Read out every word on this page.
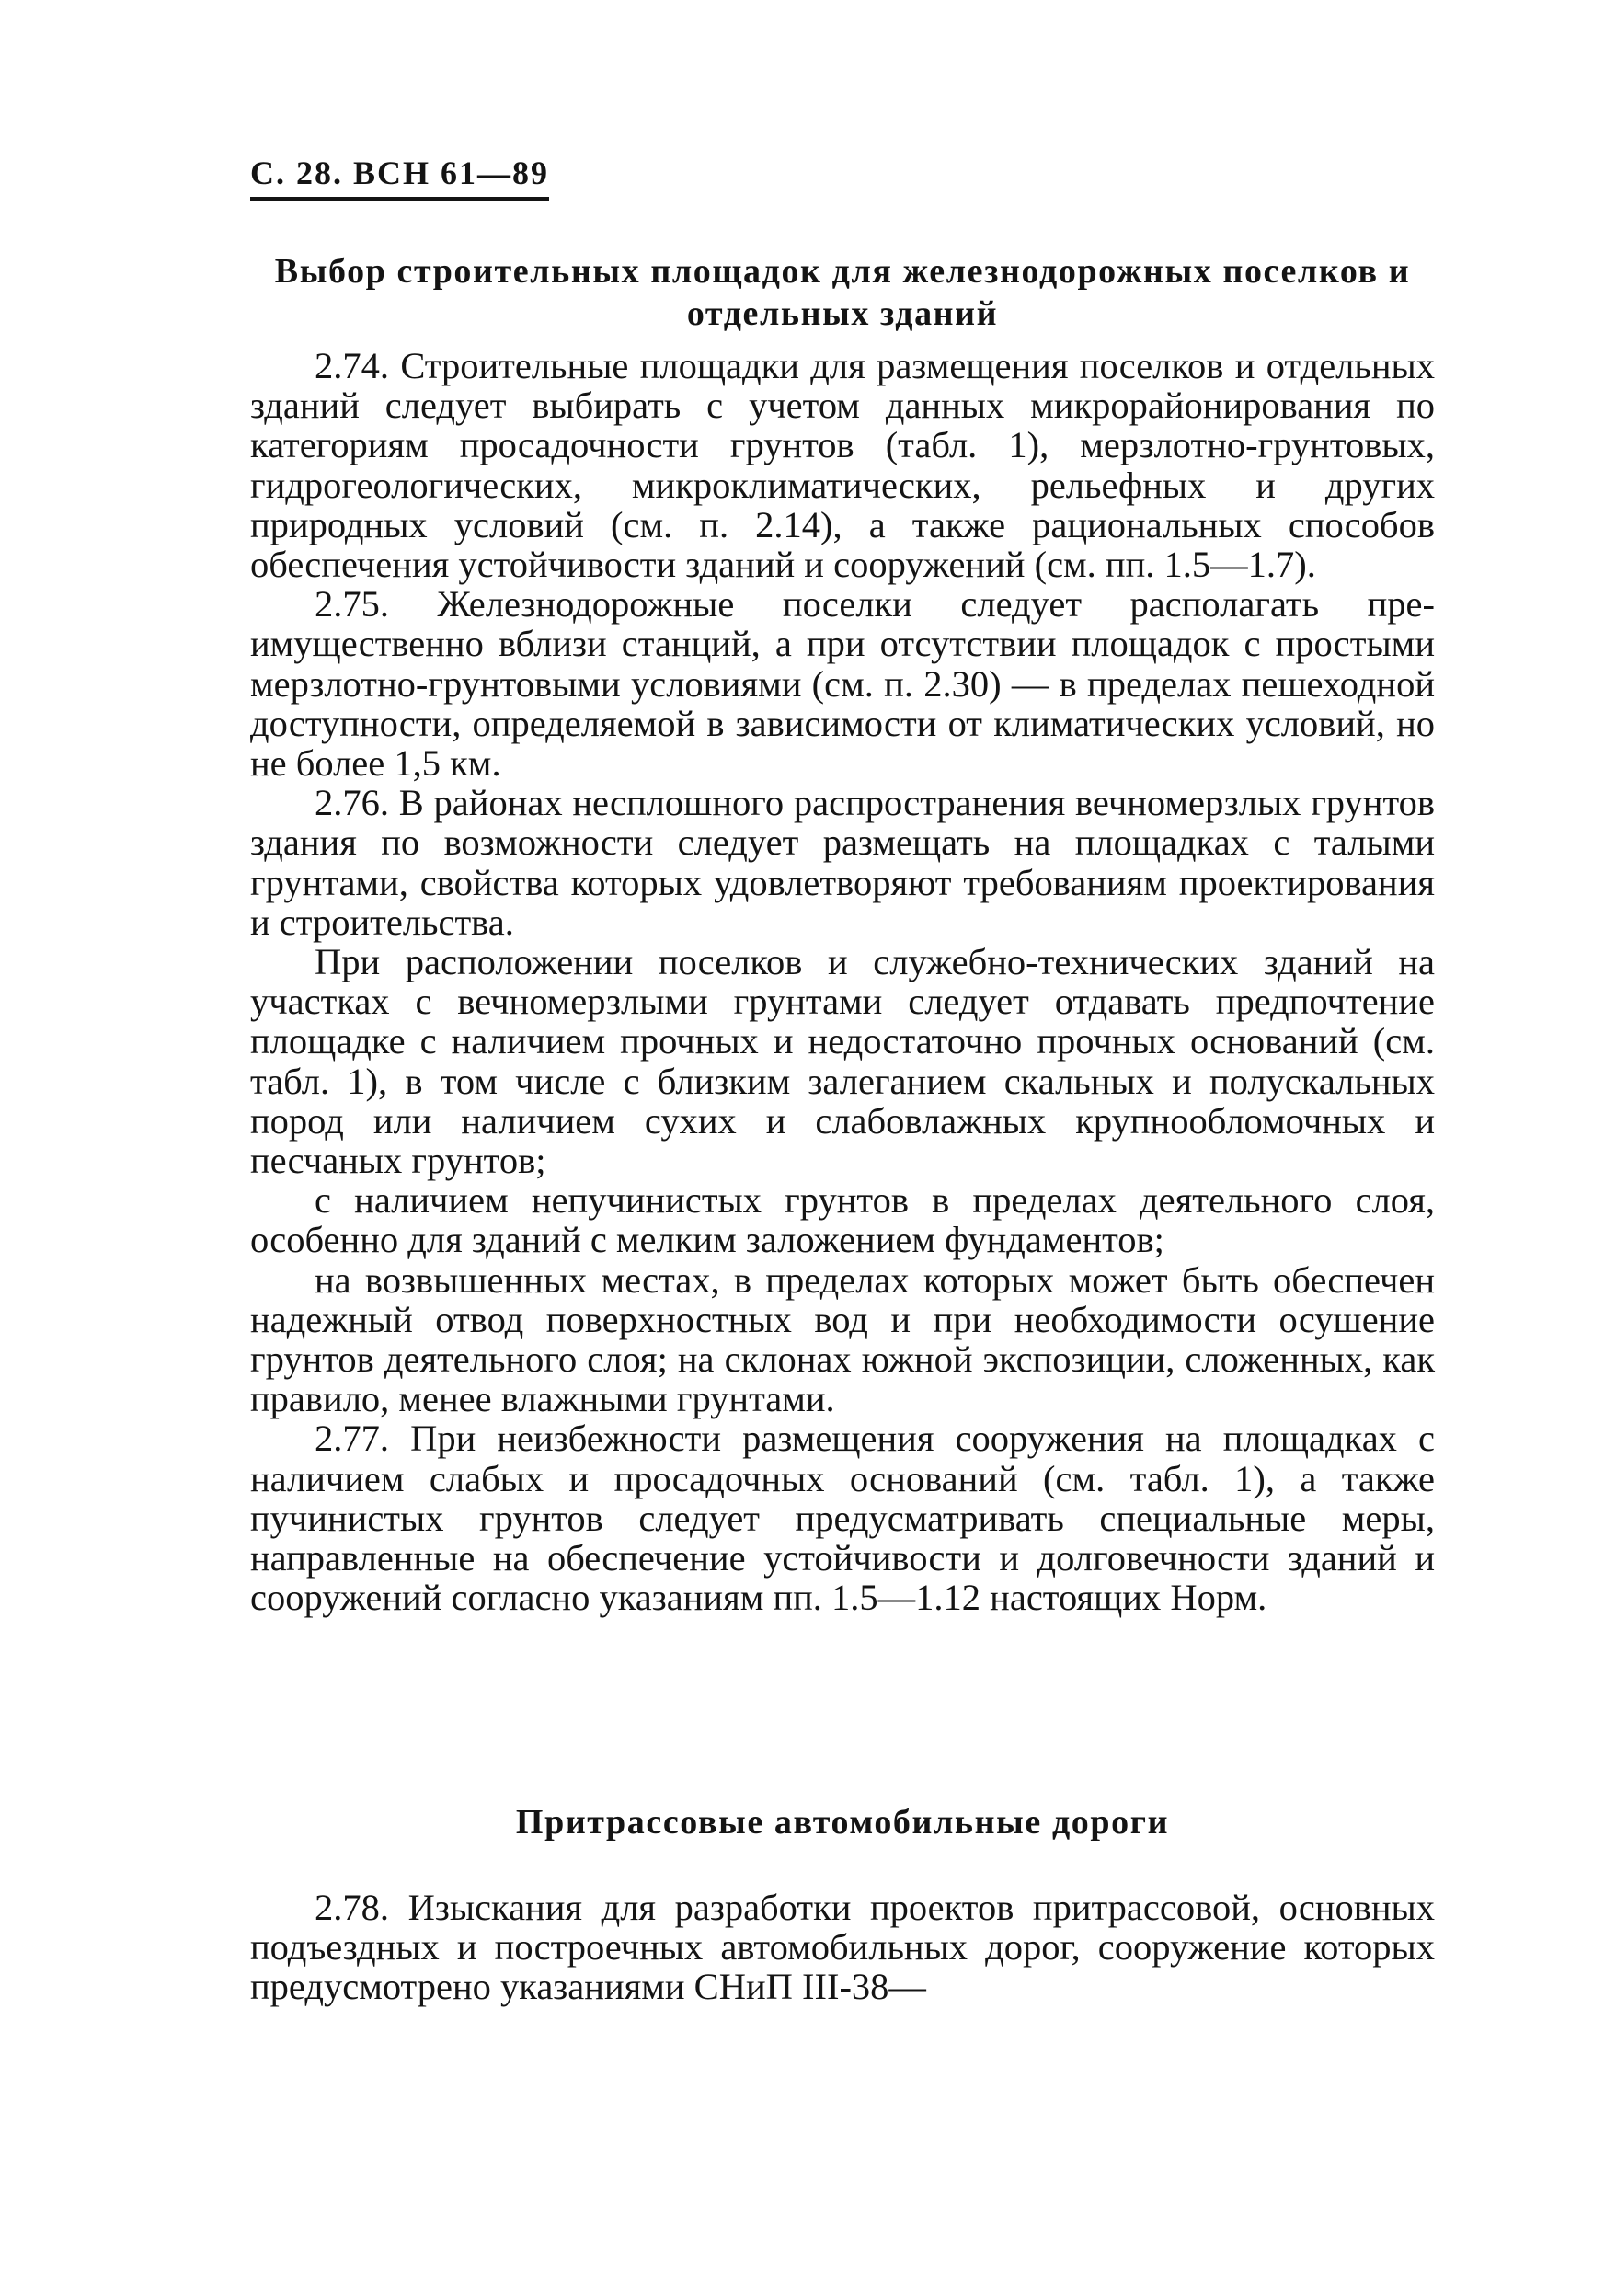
С. 28. ВСН 61—89
Выбор строительных площадок для железнодорожных поселков и отдельных зданий

2.74. Строительные площадки для размещения поселков и отдельных зданий следует выбирать с учетом данных микрорайонирования по категориям просадочности грунтов (табл. 1), мерзлотно-грунтовых, гидрогеологических, микроклиматических, рельефных и других природных условий (см. п. 2.14), а также рациональных способов обеспечения устойчивости зданий и сооружений (см. пп. 1.5—1.7).

2.75. Железнодорожные поселки следует располагать преимущественно вблизи станций, а при отсутствии площадок с простыми мерзлотно-грунтовыми условиями (см. п. 2.30) — в пределах пешеходной доступности, определяемой в зависимости от климатических условий, но не более 1,5 км.

2.76. В районах несплошного распространения вечномерзлых грунтов здания по возможности следует размещать на площадках с талыми грунтами, свойства которых удовлетворяют требованиям проектирования и строительства.

При расположении поселков и служебно-технических зданий на участках с вечномерзлыми грунтами следует отдавать предпочтение площадке с наличием прочных и недостаточно прочных оснований (см. табл. 1), в том числе с близким залеганием скальных и полускальных пород или наличием сухих и слабовлажных крупнообломочных и песчаных грунтов;

с наличием непучинистых грунтов в пределах деятельного слоя, особенно для зданий с мелким заложением фундаментов;

на возвышенных местах, в пределах которых может быть обеспечен надежный отвод поверхностных вод и при необходимости осушение грунтов деятельного слоя; на склонах южной экспозиции, сложенных, как правило, менее влажными грунтами.

2.77. При неизбежности размещения сооружения на площадках с наличием слабых и просадочных оснований (см. табл. 1), а также пучинистых грунтов следует предусматривать специальные меры, направленные на обеспечение устойчивости и долговечности зданий и сооружений согласно указаниям пп. 1.5—1.12 настоящих Норм.

Притрассовые автомобильные дороги

2.78. Изыскания для разработки проектов притрассовой, основных подъездных и построечных автомобильных дорог, сооружение которых предусмотрено указаниями СНиП III-38—
